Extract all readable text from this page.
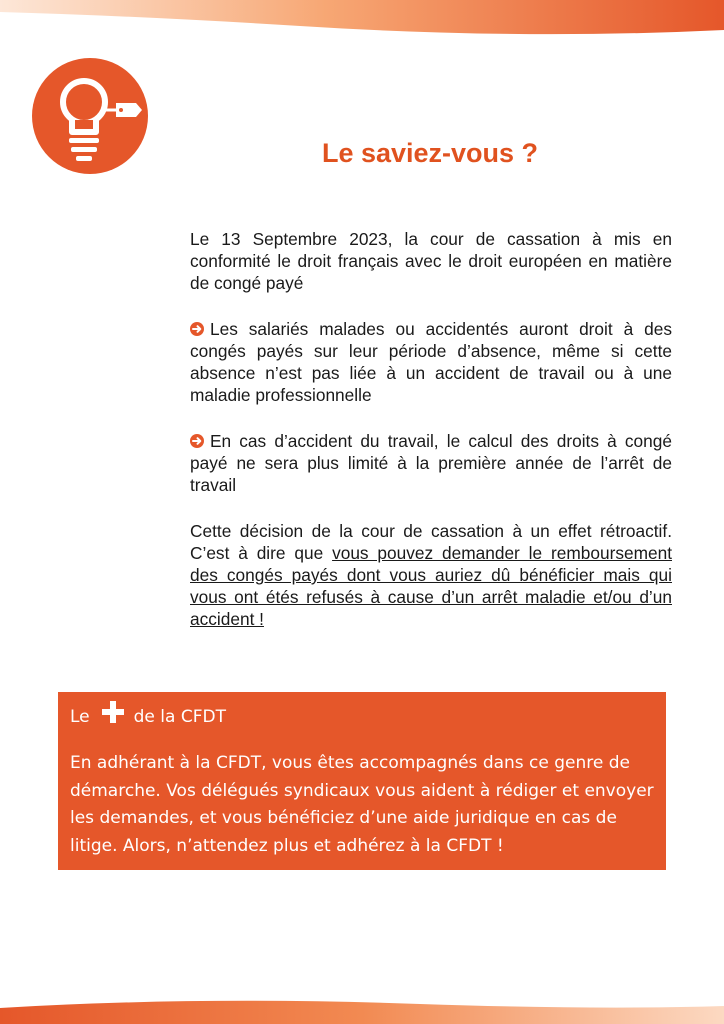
Le saviez-vous ?

Le 13 Septembre 2023, la cour de cassation à mis en conformité le droit français avec le droit européen en matière de congé payé

Les salariés malades ou accidentés auront droit à des congés payés sur leur période d’absence, même si cette absence n’est pas liée à un accident de travail ou à une maladie professionnelle

En cas d’accident du travail, le calcul des droits à congé payé ne sera plus limité à la première année de l’arrêt de travail

Cette décision de la cour de cassation à un effet rétroactif. C’est à dire que vous pouvez demander le remboursement des congés payés dont vous auriez dû bénéficier mais qui vous ont étés refusés à cause d’un arrêt maladie et/ou d’un accident !

Le	de la CFDT
En adhérant à la CFDT, vous êtes accompagnés dans ce genre de démarche. Vos délégués syndicaux vous aident à rédiger et envoyer les demandes, et vous bénéficiez d’une aide juridique en cas de litige. Alors, n’attendez plus et adhérez à la CFDT !
